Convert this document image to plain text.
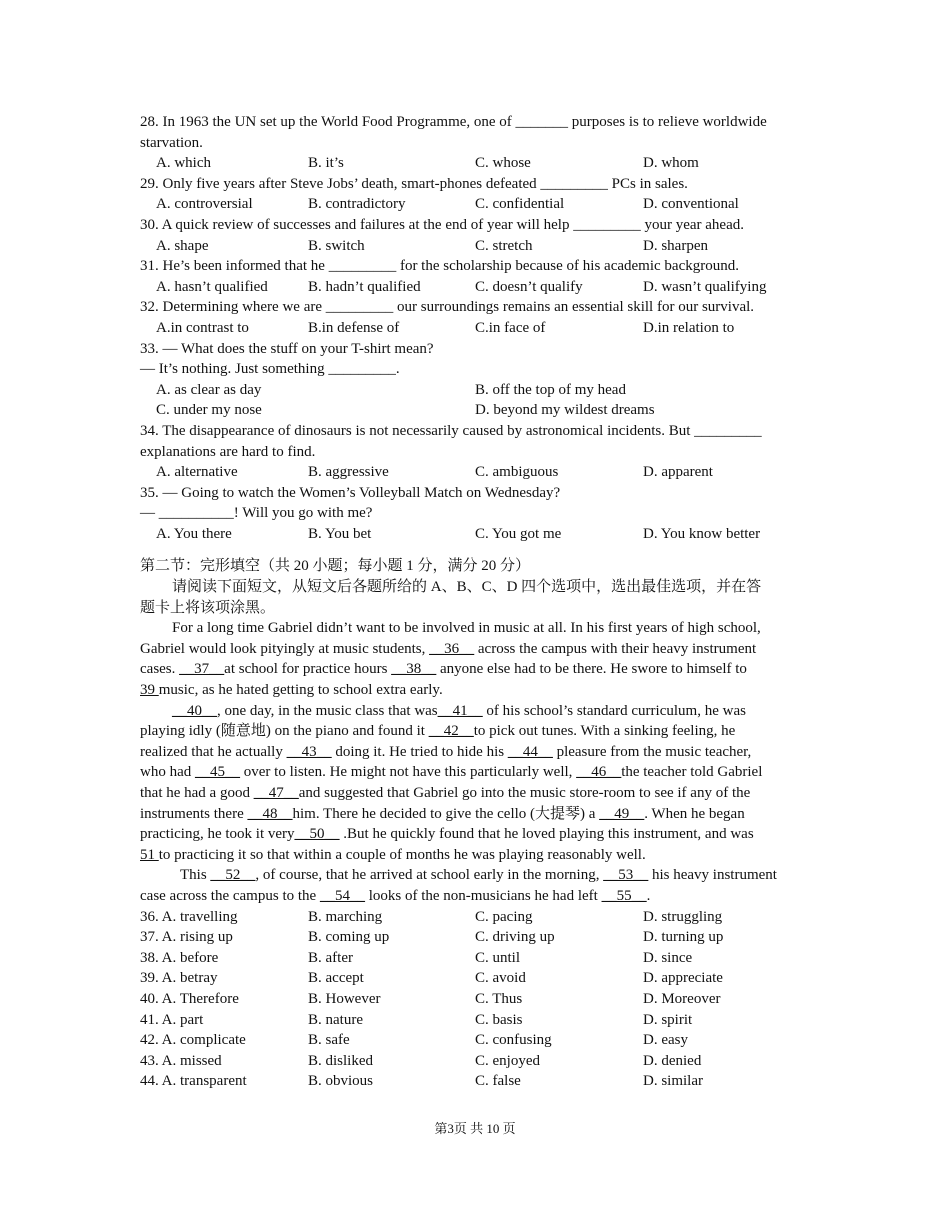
28. In 1963 the UN set up the World Food Programme, one of _______ purposes is to relieve worldwide
starvation.
A. which	B. it’s	C. whose	D. whom
29. Only five years after Steve Jobs’ death, smart-phones defeated _________ PCs in sales.
A. controversial	B. contradictory	C. confidential	D. conventional
30. A quick review of successes and failures at the end of year will help _________ your year ahead.
A. shape	B. switch	C. stretch	D. sharpen
31. He’s been informed that he _________ for the scholarship because of his academic background.
A. hasn’t qualified	B. hadn’t qualified	C. doesn’t qualify	D. wasn’t qualifying
32. Determining where we are _________ our surroundings remains an essential skill for our survival.
A.in contrast to	B.in defense of	C.in face of	D.in relation to
33. — What does the stuff on your T-shirt mean?
— It’s nothing. Just something _________.
A. as clear as day	B. off the top of my head
C. under my nose	D. beyond my wildest dreams
34. The disappearance of dinosaurs is not necessarily caused by astronomical incidents. But _________
explanations are hard to find.
A. alternative	B. aggressive	C. ambiguous	D. apparent
35. — Going to watch the Women’s Volleyball Match on Wednesday?
— __________! Will you go with me?
A. You there	B. You bet	C. You got me	D. You know better
第二节：完形填空（共 20 小题；每小题 1 分，满分 20 分）
请阅读下面短文，从短文后各题所给的 A、B、C、D 四个选项中，选出最佳选项，并在答
题卡上将该项涂黑。
For a long time Gabriel didn’t want to be involved in music at all. In his first years of high school,
Gabriel would look pityingly at music students, __36__ across the campus with their heavy instrument
cases. __37__at school for practice hours __38__ anyone else had to be there. He swore to himself to
39 music, as he hated getting to school extra early.
__40__, one day, in the music class that was__41__ of his school’s standard curriculum, he was
playing idly (随意地) on the piano and found it __42__to pick out tunes. With a sinking feeling, he
realized that he actually __43__ doing it. He tried to hide his __44__ pleasure from the music teacher,
who had __45__ over to listen. He might not have this particularly well, __46__the teacher told Gabriel
that he had a good __47__and suggested that Gabriel go into the music store-room to see if any of the
instruments there __48__him. There he decided to give the cello (大提琴) a __49__. When he began
practicing, he took it very__50__ .But he quickly found that he loved playing this instrument, and was
51 to practicing it so that within a couple of months he was playing reasonably well.
This __52__, of course, that he arrived at school early in the morning, __53__ his heavy instrument
case across the campus to the __54__ looks of the non-musicians he had left __55__.
36. A. travelling	B. marching	C. pacing	D. struggling
37. A. rising up	B. coming up	C. driving up	D. turning up
38. A. before	B. after	C. until	D. since
39. A. betray	B. accept	C. avoid	D. appreciate
40. A. Therefore	B. However	C. Thus	D. Moreover
41. A. part	B. nature	C. basis	D. spirit
42. A. complicate	B. safe	C. confusing	D. easy
43. A. missed	B. disliked	C. enjoyed	D. denied
44. A. transparent	B. obvious	C. false	D. similar
第3页 共 10 页
